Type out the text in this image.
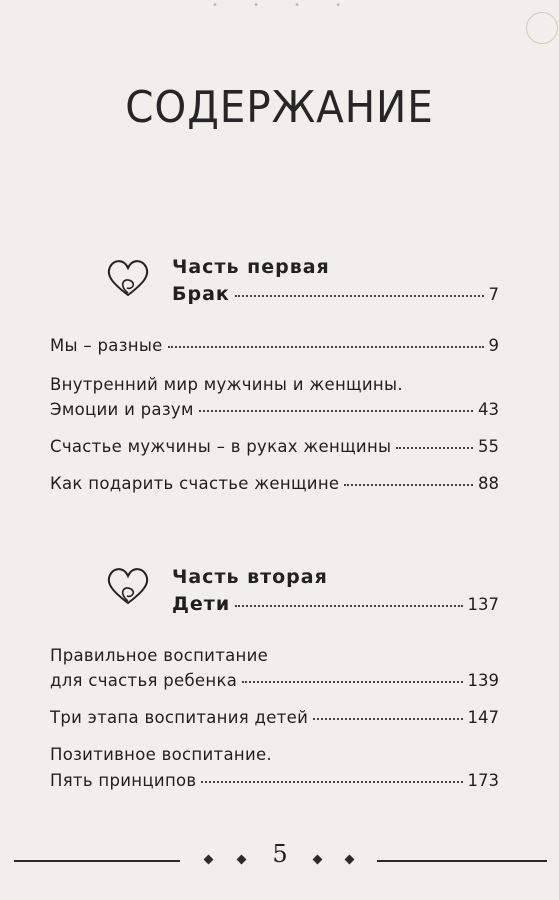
• • • •
СОДЕРЖАНИЕ
Часть первая
Брак	7
Мы – разные	9
Внутренний мир мужчины и женщины.
Эмоции и разум	43
Счастье мужчины – в руках женщины	55
Как подарить счастье женщине	88
Часть вторая
Дети	137
Правильное воспитание
для счастья ребенка	139
Три этапа воспитания детей	147
Позитивное воспитание.
Пять принципов	173
5
